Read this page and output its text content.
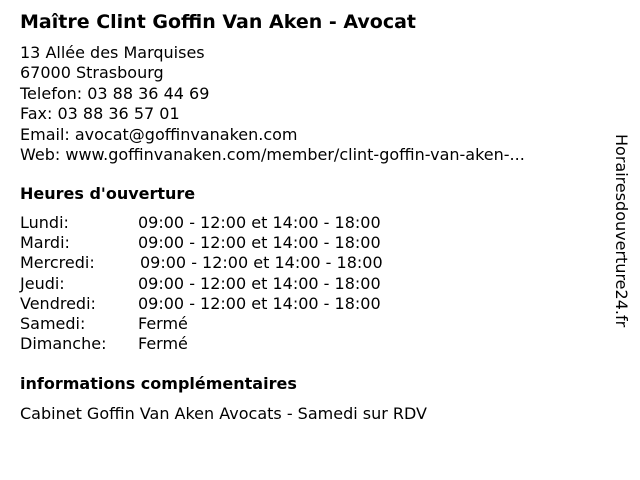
Maître Clint Goffin Van Aken - Avocat
13 Allée des Marquises
67000 Strasbourg
Telefon: 03 88 36 44 69
Fax: 03 88 36 57 01
Email: avocat@goffinvanaken.com
Web: www.goffinvanaken.com/member/clint-goffin-van-aken-...
Heures d'ouverture
Lundi:	09:00 - 12:00 et 14:00 - 18:00
Mardi:	09:00 - 12:00 et 14:00 - 18:00
Mercredi:	09:00 - 12:00 et 14:00 - 18:00
Jeudi:	09:00 - 12:00 et 14:00 - 18:00
Vendredi:	09:00 - 12:00 et 14:00 - 18:00
Samedi:	Fermé
Dimanche:	Fermé
informations complémentaires
Cabinet Goffin Van Aken Avocats - Samedi sur RDV
Horairesdouverture24.fr
